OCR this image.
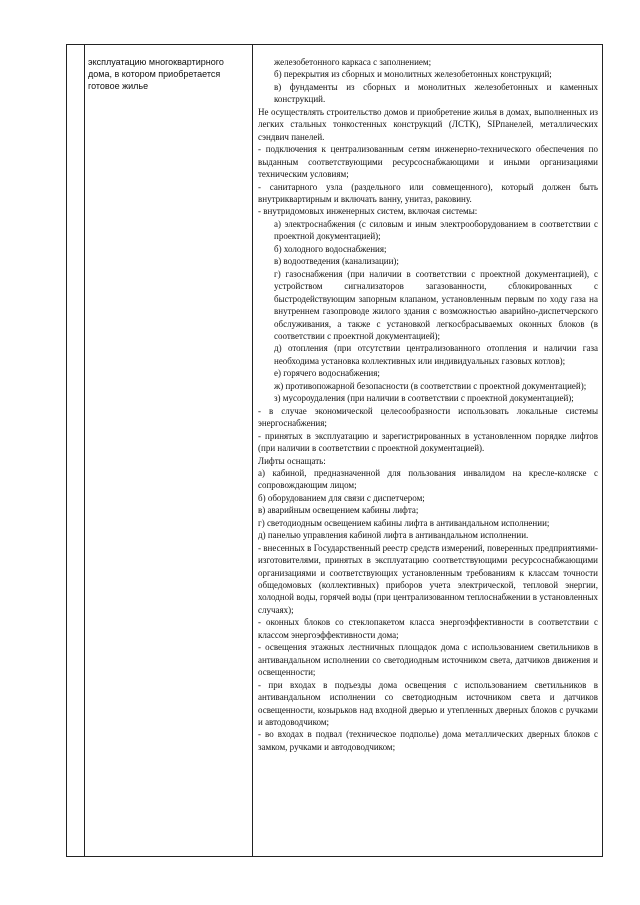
эксплуатацию многоквартирного дома, в котором приобретается готовое жилье

железобетонного каркаса с заполнением;

б) перекрытия из сборных и монолитных железобетонных конструкций;

в) фундаменты из сборных и монолитных железобетонных и каменных конструкций.

Не осуществлять строительство домов и приобретение жилья в домах, выполненных из легких стальных тонкостенных конструкций (ЛСТК), SIPпанелей, металлических сэндвич панелей.

- подключения к централизованным сетям инженерно-технического обеспечения по выданным соответствующими ресурсоснабжающими и иными организациями техническим условиям;

- санитарного узла (раздельного или совмещенного), который должен быть внутриквартирным и включать ванну, унитаз, раковину.

- внутридомовых инженерных систем, включая системы:

а) электроснабжения (с силовым и иным электрооборудованием в соответствии с проектной документацией);

б) холодного водоснабжения;

в) водоотведения (канализации);

г) газоснабжения (при наличии в соответствии с проектной документацией), с устройством сигнализаторов загазованности, сблокированных с быстродействующим запорным клапаном, установленным первым по ходу газа на внутреннем газопроводе жилого здания с возможностью аварийно-диспетчерского обслуживания, а также с установкой легкосбрасываемых оконных блоков (в соответствии с проектной документацией);

д) отопления (при отсутствии централизованного отопления и наличии газа необходима установка коллективных или индивидуальных газовых котлов);

е) горячего водоснабжения;

ж) противопожарной безопасности (в соответствии с проектной документацией);

з) мусороудаления (при наличии в соответствии с проектной документацией);

- в случае экономической целесообразности использовать локальные системы энергоснабжения;

- принятых в эксплуатацию и зарегистрированных в установленном порядке лифтов (при наличии в соответствии с проектной документацией).

Лифты оснащать:

а) кабиной, предназначенной для пользования инвалидом на кресле-коляске с сопровождающим лицом;

б) оборудованием для связи с диспетчером;

в) аварийным освещением кабины лифта;

г) светодиодным освещением кабины лифта в антивандальном исполнении;

д) панелью управления кабиной лифта в антивандальном исполнении.

- внесенных в Государственный реестр средств измерений, поверенных предприятиями-изготовителями, принятых в эксплуатацию соответствующими ресурсоснабжающими организациями и соответствующих установленным требованиям к классам точности общедомовых (коллективных) приборов учета электрической, тепловой энергии, холодной воды, горячей воды (при централизованном теплоснабжении в установленных случаях);

- оконных блоков со стеклопакетом класса энергоэффективности в соответствии с классом энергоэффективности дома;

- освещения этажных лестничных площадок дома с использованием светильников в антивандальном исполнении со светодиодным источником света, датчиков движения и освещенности;

- при входах в подъезды дома освещения с использованием светильников в антивандальном исполнении со светодиодным источником света и датчиков освещенности, козырьков над входной дверью и утепленных дверных блоков с ручками и автодоводчиком;

- во входах в подвал (техническое подполье) дома металлических дверных блоков с замком, ручками и автодоводчиком;
